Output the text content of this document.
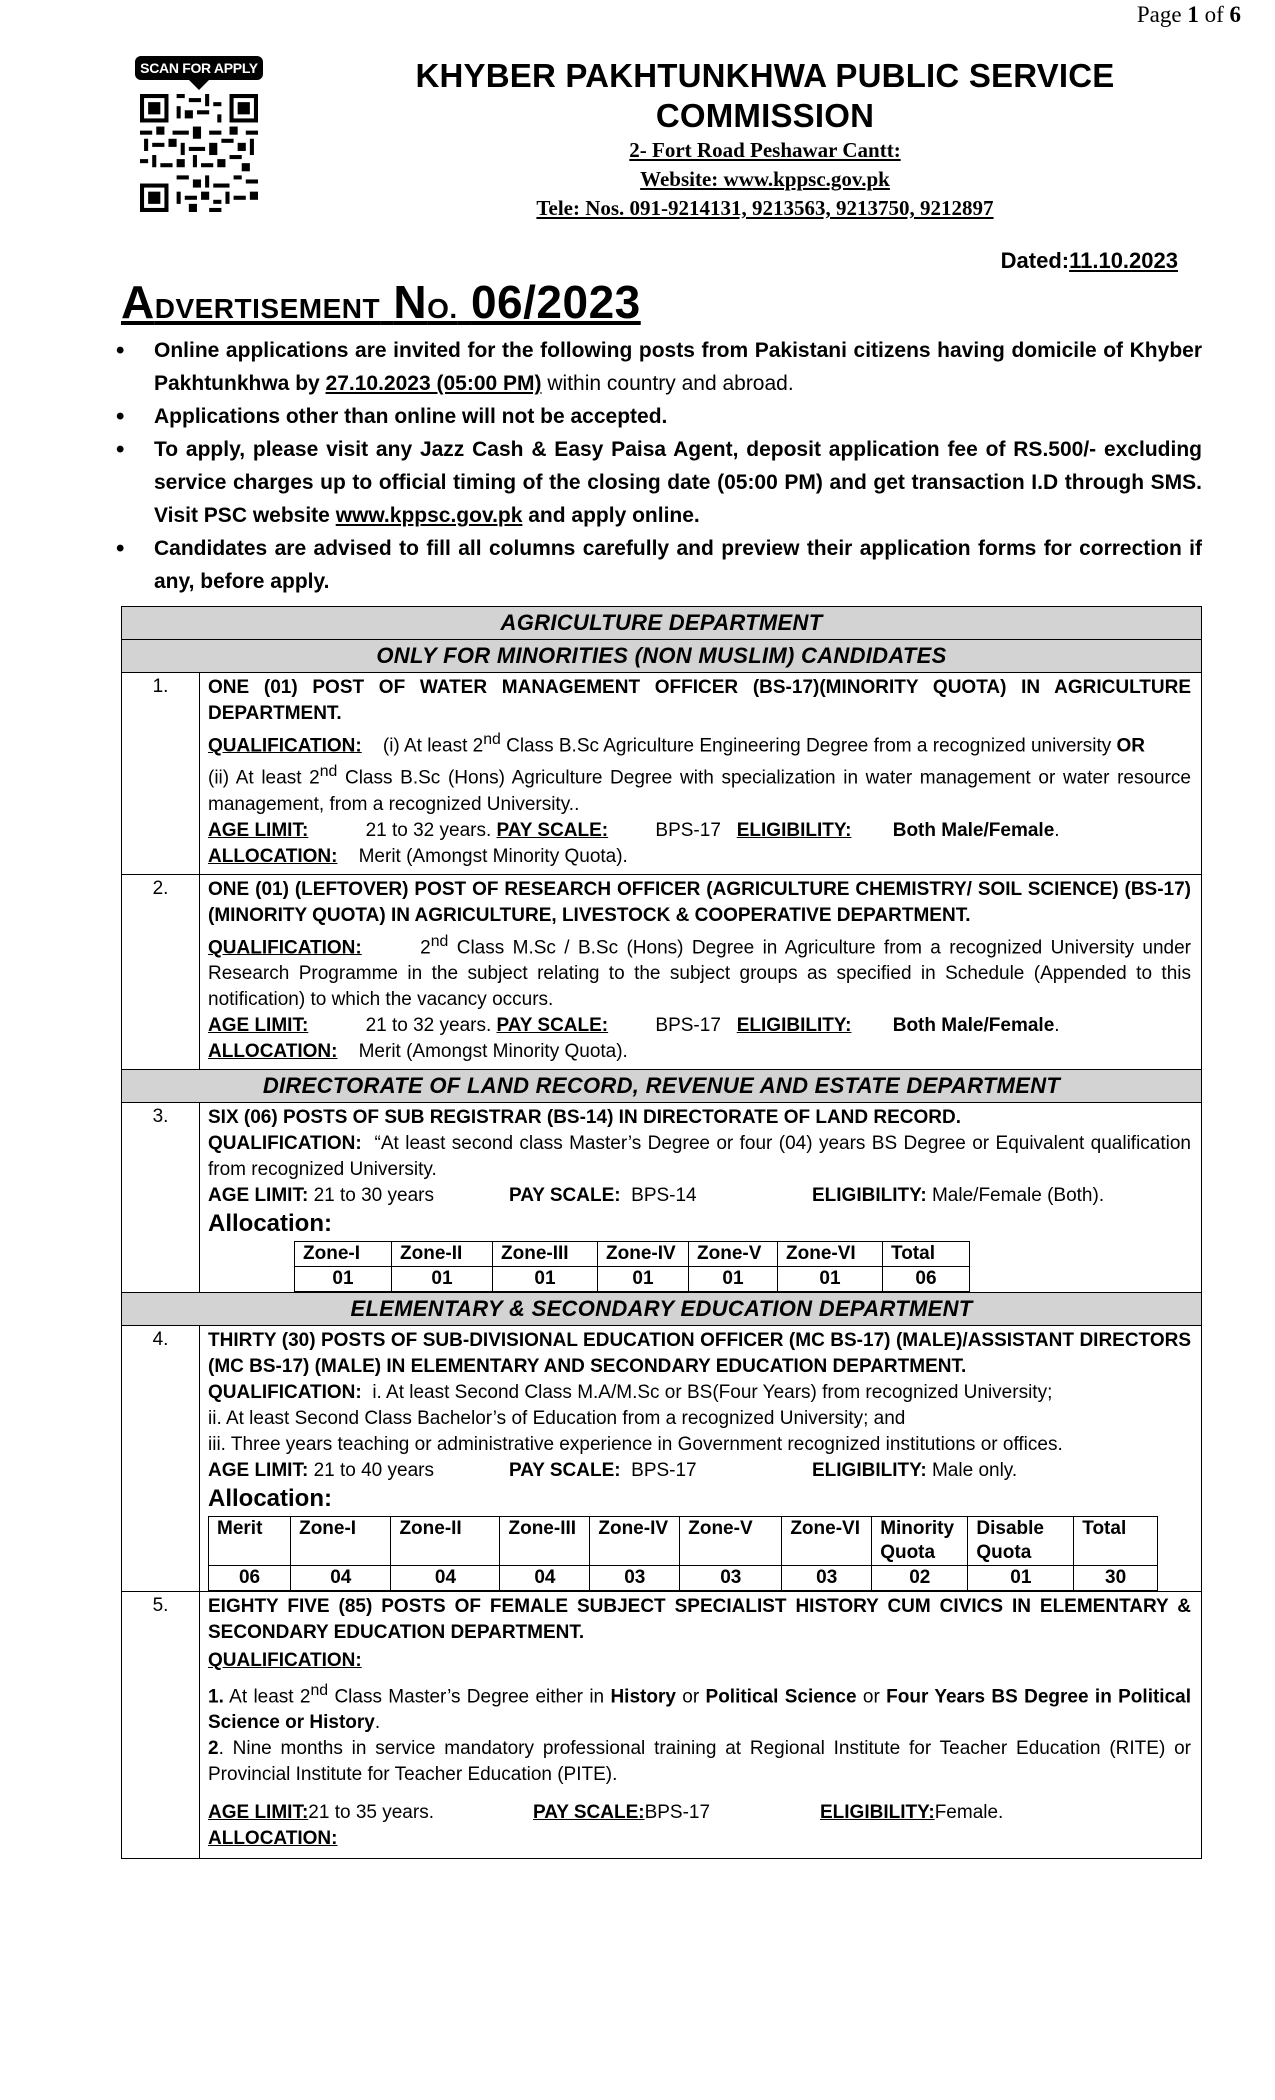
Page 1 of 6
SCAN FOR APPLY	KHYBER PAKHTUNKHWA PUBLIC SERVICE
COMMISSION
2- Fort Road Peshawar Cantt:
Website: www.kppsc.gov.pk
Tele: Nos. 091-9214131, 9213563, 9213750, 9212897
Dated:11.10.2023
ADVERTISEMENT NO. 06/2023
• Online applications are invited for the following posts from Pakistani citizens having domicile of Khyber Pakhtunkhwa by 27.10.2023 (05:00 PM) within country and abroad.
• Applications other than online will not be accepted.
• To apply, please visit any Jazz Cash & Easy Paisa Agent, deposit application fee of RS.500/- excluding service charges up to official timing of the closing date (05:00 PM) and get transaction I.D through SMS. Visit PSC website www.kppsc.gov.pk and apply online.
• Candidates are advised to fill all columns carefully and preview their application forms for correction if any, before apply.
AGRICULTURE DEPARTMENT
ONLY FOR MINORITIES (NON MUSLIM) CANDIDATES
1.	ONE (01) POST OF WATER MANAGEMENT OFFICER (BS-17)(MINORITY QUOTA) IN AGRICULTURE DEPARTMENT.
QUALIFICATION: (i) At least 2nd Class B.Sc Agriculture Engineering Degree from a recognized university OR
(ii) At least 2nd Class B.Sc (Hons) Agriculture Degree with specialization in water management or water resource management, from a recognized University..
AGE LIMIT:	21 to 32 years. PAY SCALE: BPS-17 ELIGIBILITY: Both Male/Female.
ALLOCATION: Merit (Amongst Minority Quota).

2.	ONE (01) (LEFTOVER) POST OF RESEARCH OFFICER (AGRICULTURE CHEMISTRY/ SOIL SCIENCE) (BS-17)(MINORITY QUOTA) IN AGRICULTURE, LIVESTOCK & COOPERATIVE DEPARTMENT.
QUALIFICATION:	2nd Class M.Sc / B.Sc (Hons) Degree in Agriculture from a recognized University under Research Programme in the subject relating to the subject groups as specified in Schedule (Appended to this notification) to which the vacancy occurs.
AGE LIMIT:	21 to 32 years. PAY SCALE: BPS-17 ELIGIBILITY: Both Male/Female.
ALLOCATION: Merit (Amongst Minority Quota).

DIRECTORATE OF LAND RECORD, REVENUE AND ESTATE DEPARTMENT
3.	SIX (06) POSTS OF SUB REGISTRAR (BS-14) IN DIRECTORATE OF LAND RECORD.
QUALIFICATION: “At least second class Master’s Degree or four (04) years BS Degree or Equivalent qualification from recognized University.
AGE LIMIT: 21 to 30 years	PAY SCALE: BPS-14	ELIGIBILITY: Male/Female (Both).
Allocation:
Zone-I	Zone-II	Zone-III	Zone-IV	Zone-V	Zone-VI	Total
01	01	01	01	01	01	06

ELEMENTARY & SECONDARY EDUCATION DEPARTMENT
4.	THIRTY (30) POSTS OF SUB-DIVISIONAL EDUCATION OFFICER (MC BS-17) (MALE)/ASSISTANT DIRECTORS (MC BS-17) (MALE) IN ELEMENTARY AND SECONDARY EDUCATION DEPARTMENT.
QUALIFICATION: i. At least Second Class M.A/M.Sc or BS(Four Years) from recognized University;
ii. At least Second Class Bachelor’s of Education from a recognized University; and
iii. Three years teaching or administrative experience in Government recognized institutions or offices.
AGE LIMIT: 21 to 40 years	PAY SCALE: BPS-17	ELIGIBILITY: Male only.
Allocation:
Merit	Zone-I	Zone-II	Zone-III	Zone-IV	Zone-V	Zone-VI	Minority Quota	Disable Quota	Total
06	04	04	04	03	03	03	02	01	30

5.	EIGHTY FIVE (85) POSTS OF FEMALE SUBJECT SPECIALIST HISTORY CUM CIVICS IN ELEMENTARY & SECONDARY EDUCATION DEPARTMENT.
QUALIFICATION:
1. At least 2nd Class Master’s Degree either in History or Political Science or Four Years BS Degree in Political Science or History.
2. Nine months in service mandatory professional training at Regional Institute for Teacher Education (RITE) or Provincial Institute for Teacher Education (PITE).
AGE LIMIT:21 to 35 years.	PAY SCALE:BPS-17	ELIGIBILITY:Female.
ALLOCATION:
